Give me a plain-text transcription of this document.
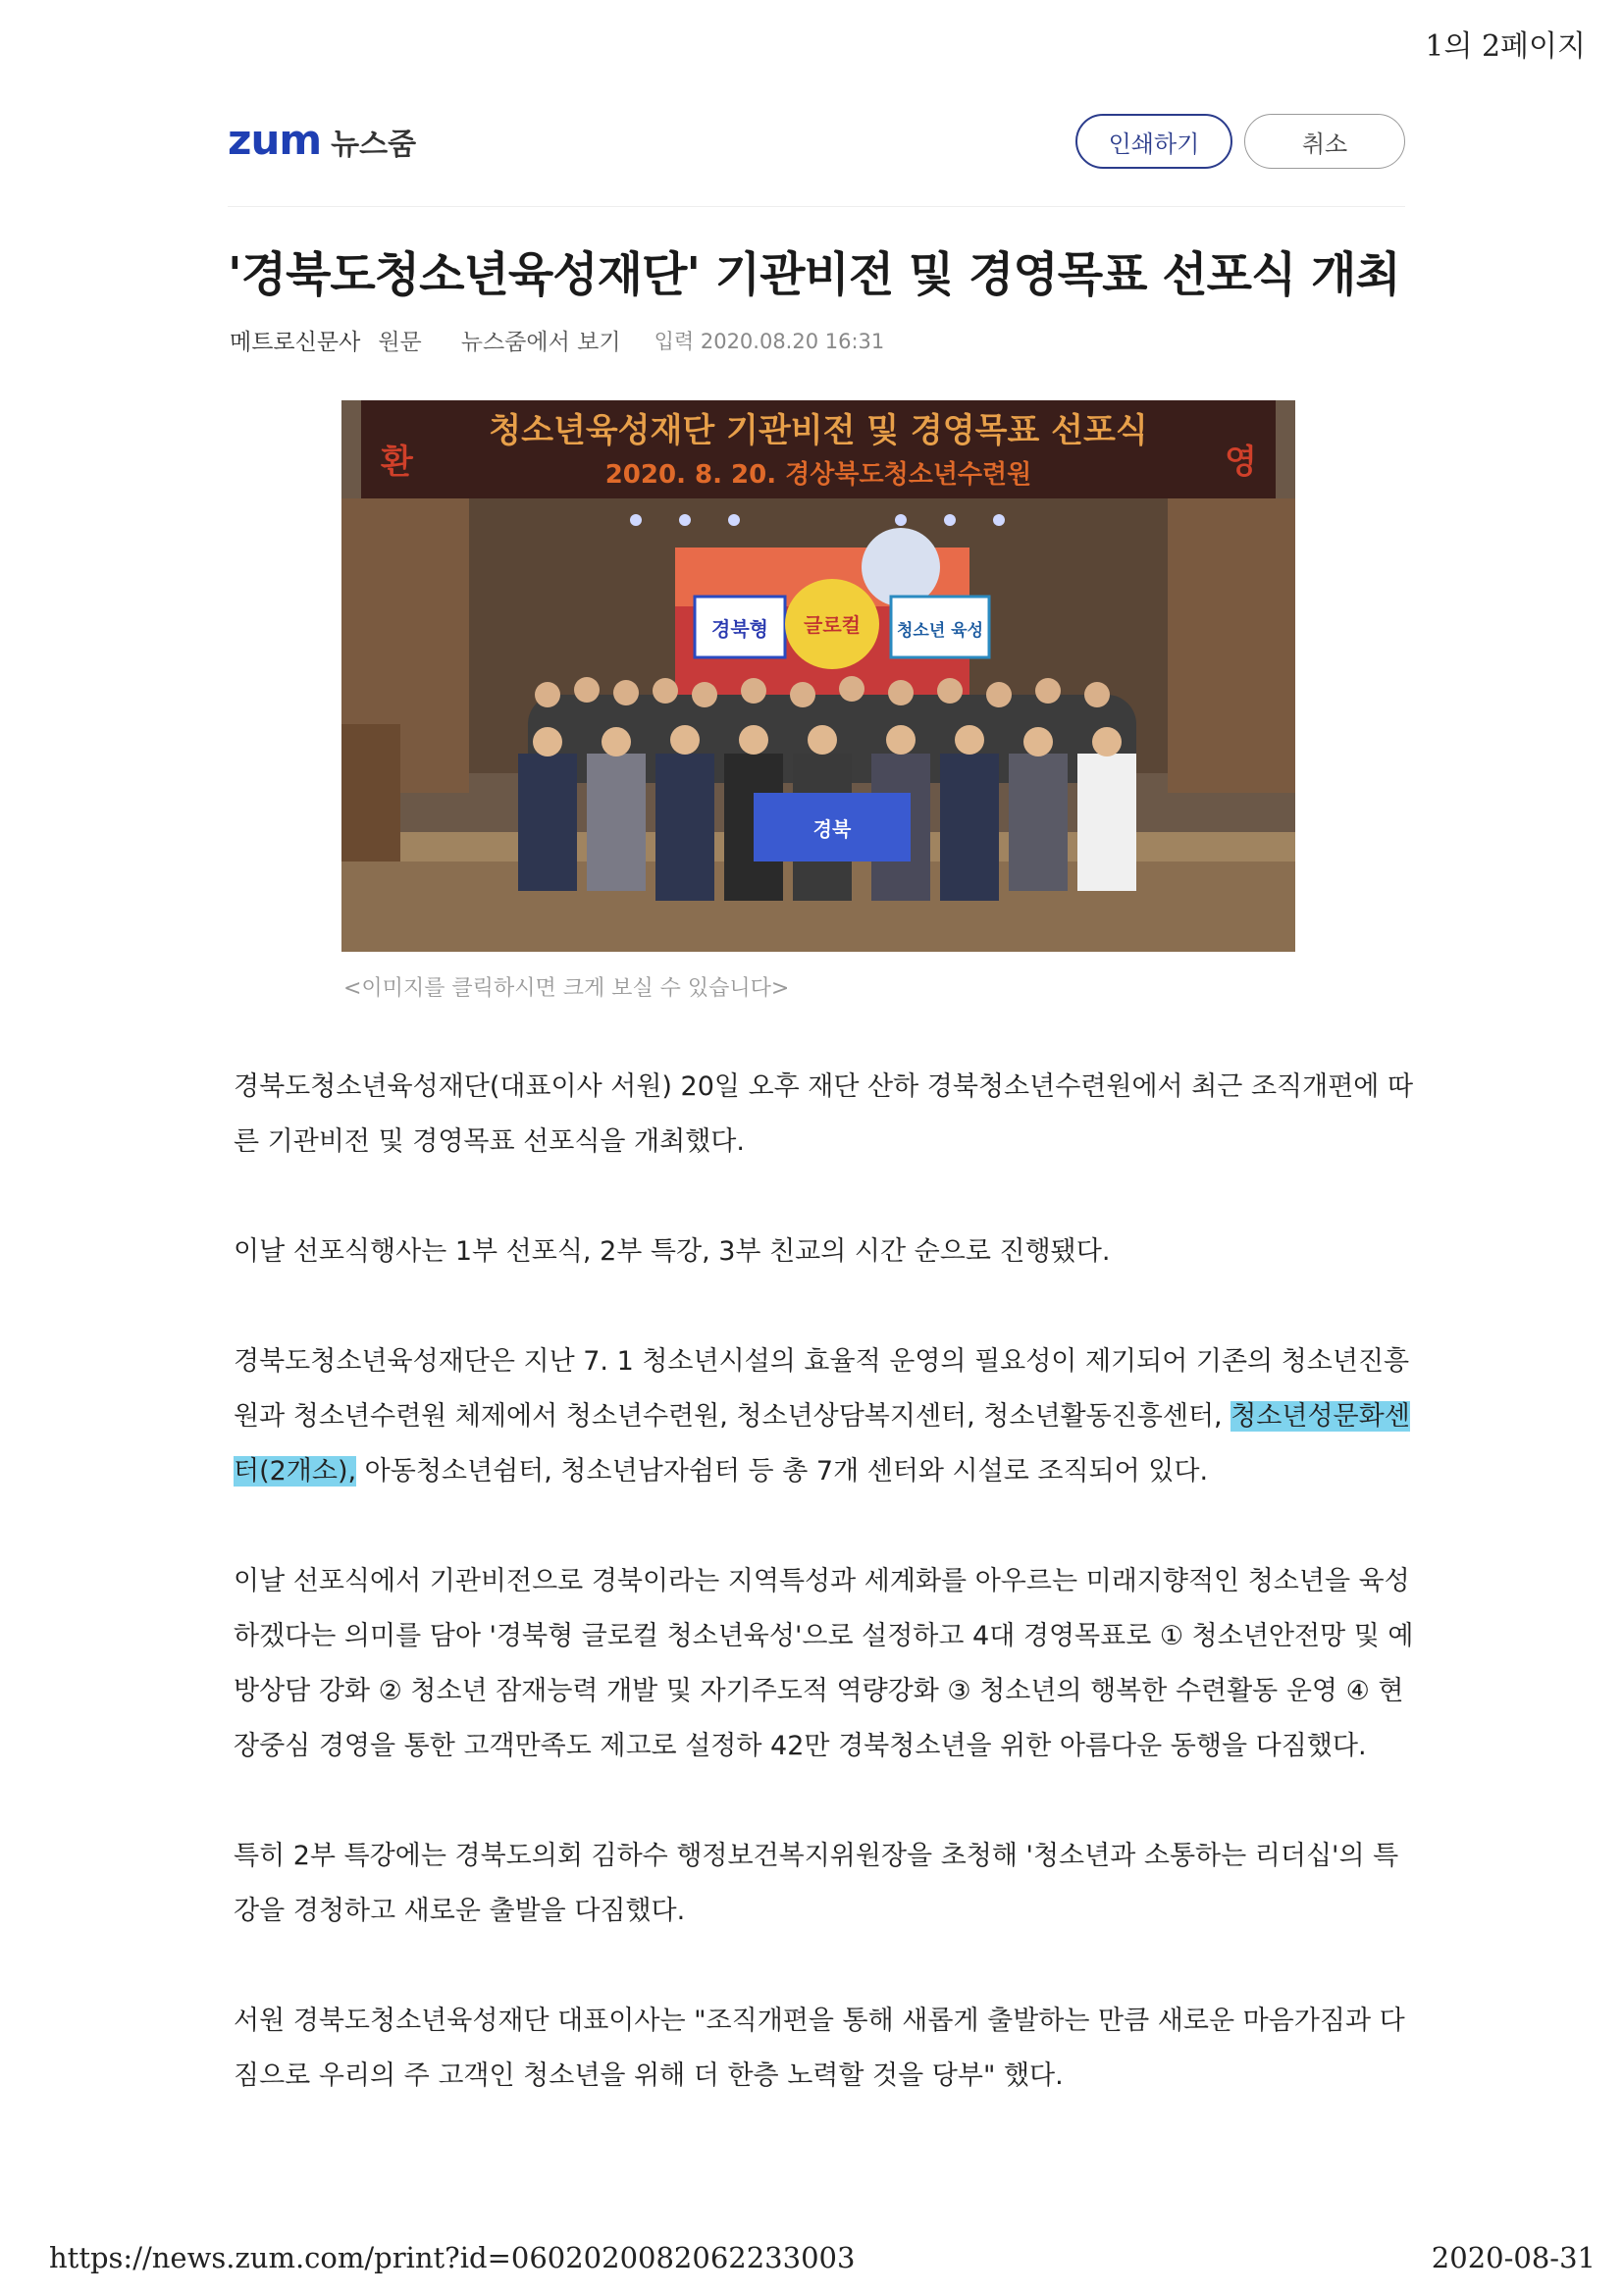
1의 2페이지
zum 뉴스줌	인쇄하기	취소
'경북도청소년육성재단' 기관비전 및 경영목표 선포식 개최
메트로신문사 원문 뉴스줌에서 보기 입력 2020.08.20 16:31
청소년육성재단 기관비전 및 경영목표 선포식
2020. 8. 20. 경상북도청소년수련원
환	영
경북형 글로컬 청소년 육성
경북
<이미지를 클릭하시면 크게 보실 수 있습니다>

경북도청소년육성재단(대표이사 서원) 20일 오후 재단 산하 경북청소년수련원에서 최근 조직개편에 따른 기관비전 및 경영목표 선포식을 개최했다.

이날 선포식행사는 1부 선포식, 2부 특강, 3부 친교의 시간 순으로 진행됐다.

경북도청소년육성재단은 지난 7. 1 청소년시설의 효율적 운영의 필요성이 제기되어 기존의 청소년진흥원과 청소년수련원 체제에서 청소년수련원, 청소년상담복지센터, 청소년활동진흥센터, 청소년성문화센터(2개소), 아동청소년쉼터, 청소년남자쉼터 등 총 7개 센터와 시설로 조직되어 있다.

이날 선포식에서 기관비전으로 경북이라는 지역특성과 세계화를 아우르는 미래지향적인 청소년을 육성하겠다는 의미를 담아 '경북형 글로컬 청소년육성'으로 설정하고 4대 경영목표로 ① 청소년안전망 및 예방상담 강화 ② 청소년 잠재능력 개발 및 자기주도적 역량강화 ③ 청소년의 행복한 수련활동 운영 ④ 현장중심 경영을 통한 고객만족도 제고로 설정하 42만 경북청소년을 위한 아름다운 동행을 다짐했다.

특히 2부 특강에는 경북도의회 김하수 행정보건복지위원장을 초청해 '청소년과 소통하는 리더십'의 특강을 경청하고 새로운 출발을 다짐했다.

서원 경북도청소년육성재단 대표이사는 "조직개편을 통해 새롭게 출발하는 만큼 새로운 마음가짐과 다짐으로 우리의 주 고객인 청소년을 위해 더 한층 노력할 것을 당부" 했다.

https://news.zum.com/print?id=0602020082062233003	2020-08-31
